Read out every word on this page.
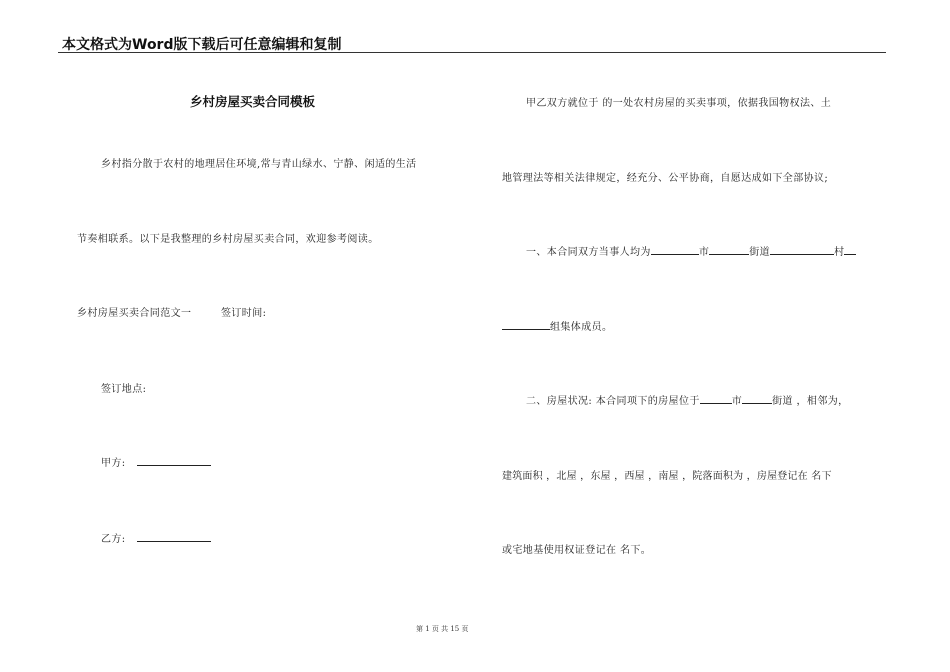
本文格式为Word版下载后可任意编辑和复制
乡村房屋买卖合同模板
乡村指分散于农村的地理居住环境,常与青山绿水、宁静、闲适的生活
节奏相联系。以下是我整理的乡村房屋买卖合同，欢迎参考阅读。
乡村房屋买卖合同范文一	签订时间:
签订地点:
甲方:
乙方:
甲乙双方就位于 的一处农村房屋的买卖事项，依据我国物权法、土
地管理法等相关法律规定，经充分、公平协商，自愿达成如下全部协议;
一、本合同双方当事人均为	市	街道	村
组集体成员。
二、房屋状况: 本合同项下的房屋位于	市	街道 ，相邻为，
建筑面积 ，北屋 ，东屋 ，西屋 ，南屋 ，院落面积为 ，房屋登记在 名下
或宅地基使用权证登记在 名下。
第 1 页 共 15 页
